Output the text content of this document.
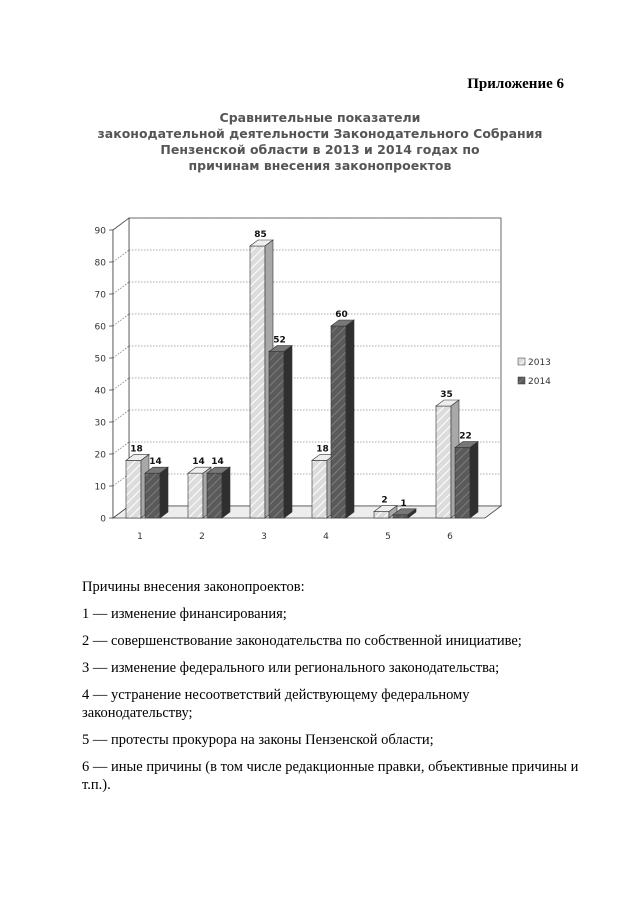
Приложение 6
Сравнительные показатели
законодательной деятельности Законодательного Собрания
Пензенской области в 2013 и 2014 годах по
причинам внесения законопроектов
0
10
20
30
40
50
60
70
80
90
18
14
1
14 14
2
85
52
3
18
60
4
2 1
5
35
22
6
2013
2014
Причины внесения законопроектов:
1 — изменение финансирования;
2 — совершенствование законодательства по собственной инициативе;
3 — изменение федерального или регионального законодательства;
4 — устранение несоответствий действующему федеральному законодательству;
5 — протесты прокурора на законы Пензенской области;
6 — иные причины (в том числе редакционные правки, объективные причины и т.п.).
